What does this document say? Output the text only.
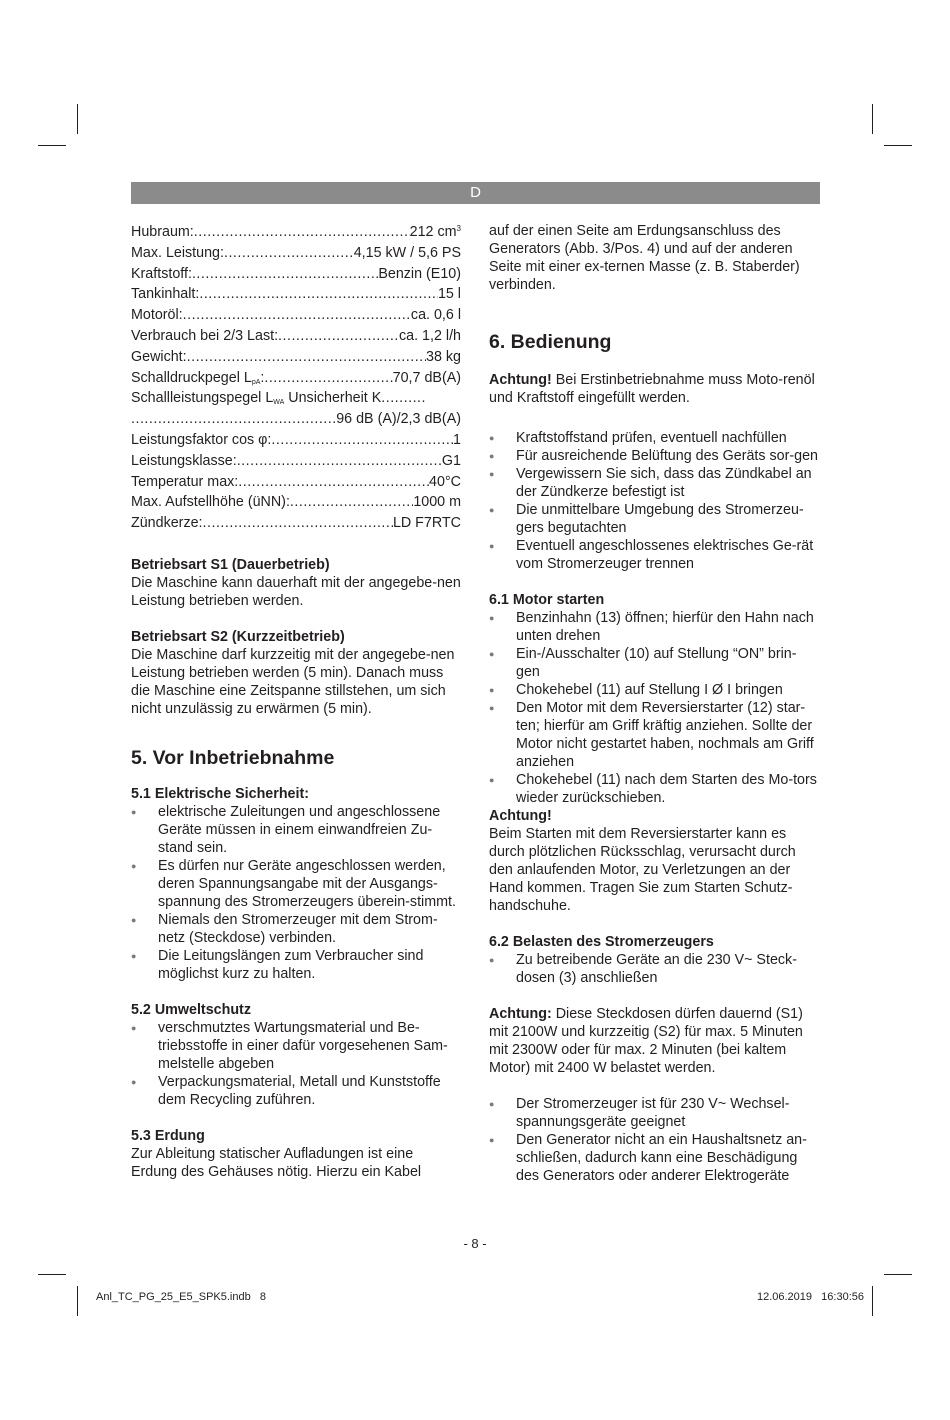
D
Hubraum: .....	212 $cm^3$
Max. Leistung: .....	4,15 kW / 5,6 PS
Kraftstoff: .....	Benzin (E10)
Tankinhalt: .....	15 l
Motoröl: .....	ca. 0,6 l
Verbrauch bei 2/3 Last: .....	ca. 1,2 l/h
Gewicht: .....	38 kg
Schalldruckpegel $L_{pA}$: .....	70,7 dB(A)
Schallleistungspegel $L_{WA}$ Unsicherheit K
.....
.....
96 dB (A)/2,3 dB(A)
Leistungsfaktor cos φ: .....	1
Leistungsklasse: .....	G1
Temperatur max: .....	40°C
Max. Aufstellhöhe (üNN): .....	1000 m
Zündkerze: .....	LD F7RTC

Betriebsart S1 (Dauerbetrieb)

Die Maschine kann dauerhaft mit der angegebe-nen Leistung betrieben werden.

Betriebsart S2 (Kurzzeitbetrieb)

Die Maschine darf kurzzeitig mit der angegebe-nen Leistung betrieben werden (5 min). Danach muss die Maschine eine Zeitspanne stillstehen, um sich nicht unzulässig zu erwärmen (5 min).

5. Vor Inbetriebnahme

5.1 Elektrische Sicherheit:

● elektrische Zuleitungen und angeschlossene Geräte müssen in einem einwandfreien Zu-stand sein.
● Es dürfen nur Geräte angeschlossen werden, deren Spannungsangabe mit der Ausgangs-spannung des Stromerzeugers überein-stimmt.
● Niemals den Stromerzeuger mit dem Strom-netz (Steckdose) verbinden.
● Die Leitungslängen zum Verbraucher sind möglichst kurz zu halten.

5.2 Umweltschutz

● verschmutztes Wartungsmaterial und Be-triebsstoffe in einer dafür vorgesehenen Sam-melstelle abgeben
● Verpackungsmaterial, Metall und Kunststoffe dem Recycling zuführen.

5.3 Erdung

Zur Ableitung statischer Aufladungen ist eine Erdung des Gehäuses nötig. Hierzu ein Kabel

auf der einen Seite am Erdungsanschluss des Generators (Abb. 3/Pos. 4) und auf der anderen Seite mit einer ex-ternen Masse (z. B. Staberder) verbinden.

6. Bedienung

Achtung! Bei Erstinbetriebnahme muss Moto-renöl und Kraftstoff eingefüllt werden.

● Kraftstoffstand prüfen, eventuell nachfüllen
● Für ausreichende Belüftung des Geräts sor-gen
● Vergewissern Sie sich, dass das Zündkabel an der Zündkerze befestigt ist
● Die unmittelbare Umgebung des Stromerzeu-gers begutachten
● Eventuell angeschlossenes elektrisches Ge-rät vom Stromerzeuger trennen

6.1 Motor starten

● Benzinhahn (13) öffnen; hierfür den Hahn nach unten drehen
● Ein-/Ausschalter (10) auf Stellung “ON” brin-gen
● Chokehebel (11) auf Stellung I Ø I bringen
● Den Motor mit dem Reversierstarter (12) star-ten; hierfür am Griff kräftig anziehen. Sollte der Motor nicht gestartet haben, nochmals am Griff anziehen
● Chokehebel (11) nach dem Starten des Mo-tors wieder zurückschieben.

Achtung!

Beim Starten mit dem Reversierstarter kann es durch plötzlichen Rücksschlag, verursacht durch den anlaufenden Motor, zu Verletzungen an der Hand kommen. Tragen Sie zum Starten Schutz-handschuhe.

6.2 Belasten des Stromerzeugers

● Zu betreibende Geräte an die 230 V~ Steck-dosen (3) anschließen

Achtung: Diese Steckdosen dürfen dauernd (S1) mit 2100W und kurzzeitig (S2) für max. 5 Minuten mit 2300W oder für max. 2 Minuten (bei kaltem Motor) mit 2400 W belastet werden.

● Der Stromerzeuger ist für 230 V~ Wechsel-spannungsgeräte geeignet
● Den Generator nicht an ein Haushaltsnetz an-schließen, dadurch kann eine Beschädigung des Generators oder anderer Elektrogeräte
- 8 -
Anl_TC_PG_25_E5_SPK5.indb   8	12.06.2019   16:30:56
